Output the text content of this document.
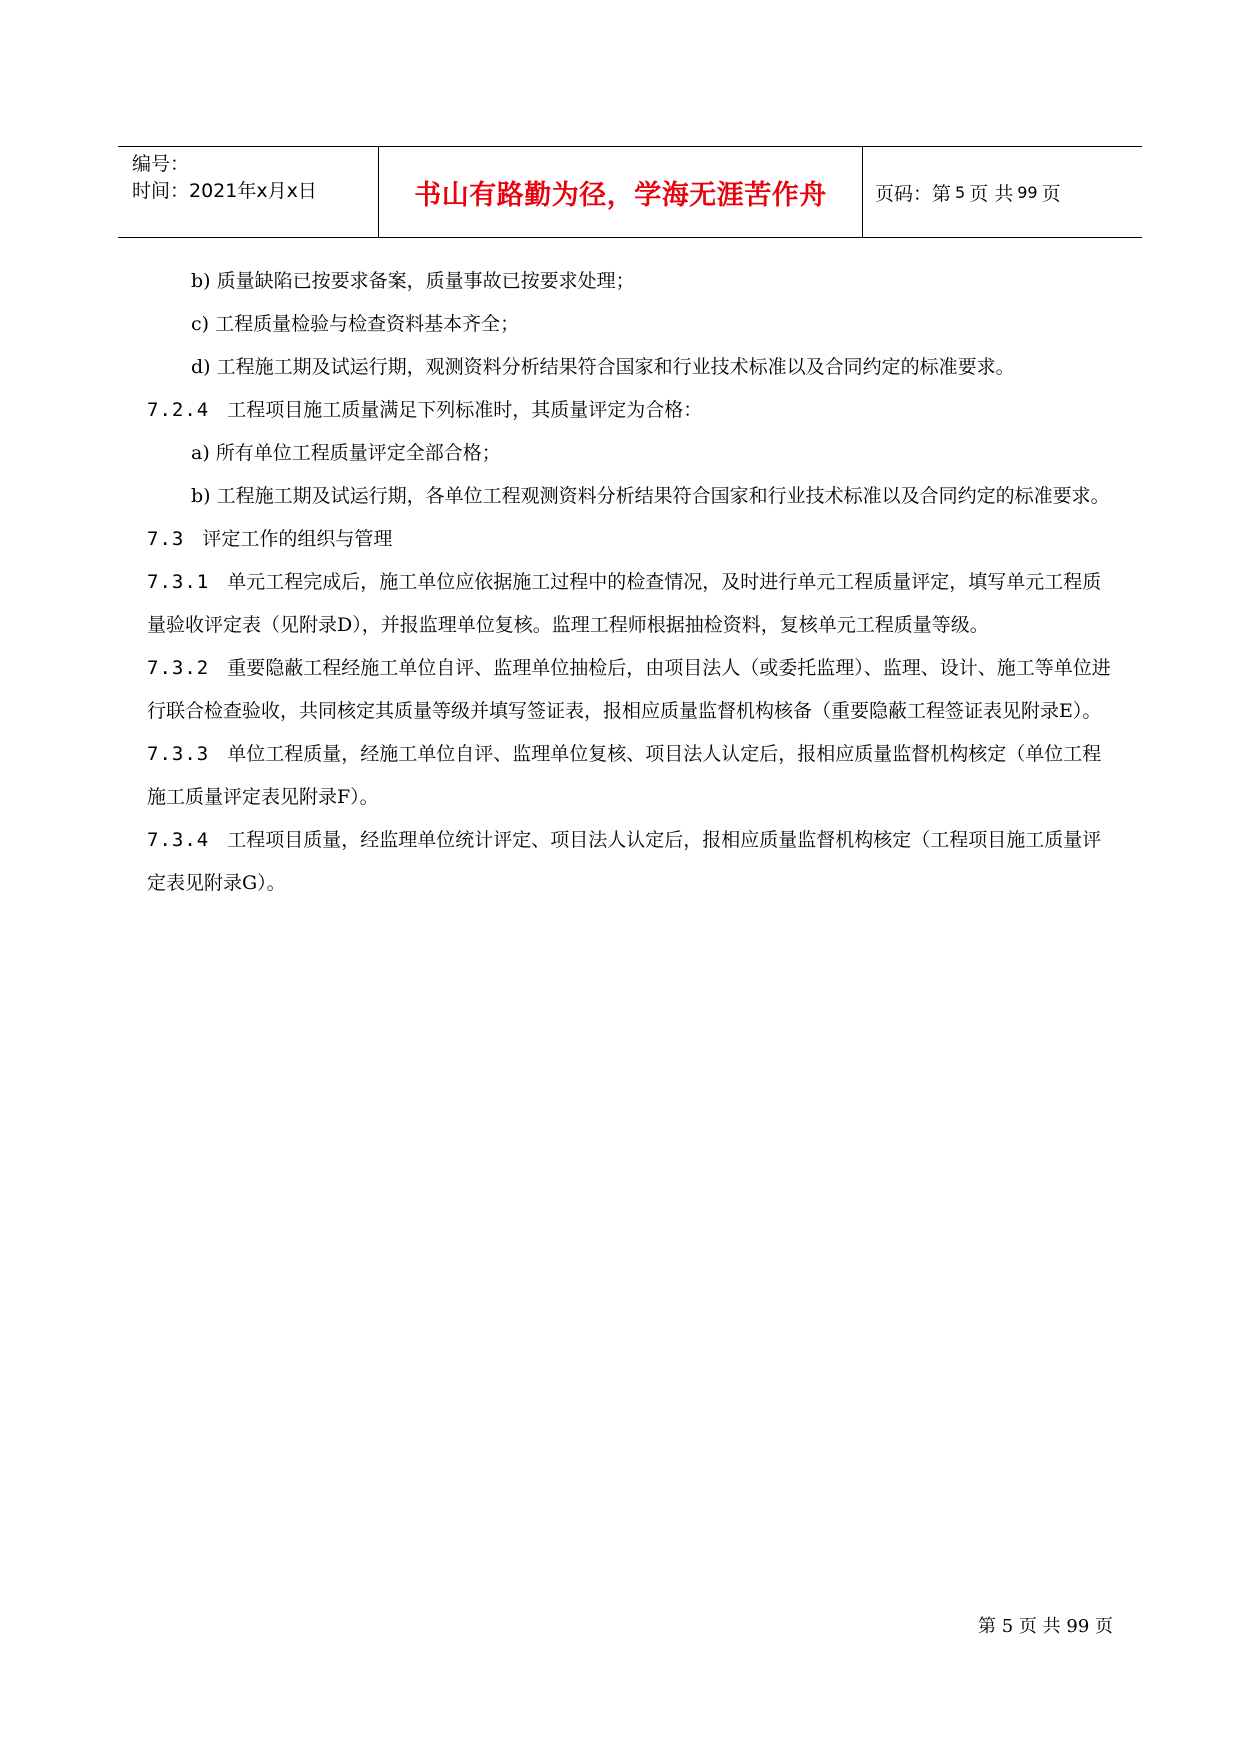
编号：
时间：2021年x月x日	书山有路勤为径，学海无涯苦作舟	页码：第 5 页 共 99 页

b) 质量缺陷已按要求备案，质量事故已按要求处理；

c) 工程质量检验与检查资料基本齐全；

d) 工程施工期及试运行期，观测资料分析结果符合国家和行业技术标准以及合同约定的标准要求。

7.2.4 工程项目施工质量满足下列标准时，其质量评定为合格：

a) 所有单位工程质量评定全部合格；

b) 工程施工期及试运行期，各单位工程观测资料分析结果符合国家和行业技术标准以及合同约定的标准要求。

7.3 评定工作的组织与管理

7.3.1 单元工程完成后，施工单位应依据施工过程中的检查情况，及时进行单元工程质量评定，填写单元工程质量验收评定表（见附录D），并报监理单位复核。监理工程师根据抽检资料，复核单元工程质量等级。

7.3.2 重要隐蔽工程经施工单位自评、监理单位抽检后，由项目法人（或委托监理）、监理、设计、施工等单位进行联合检查验收，共同核定其质量等级并填写签证表，报相应质量监督机构核备（重要隐蔽工程签证表见附录E）。

7.3.3 单位工程质量，经施工单位自评、监理单位复核、项目法人认定后，报相应质量监督机构核定（单位工程施工质量评定表见附录F）。

7.3.4 工程项目质量，经监理单位统计评定、项目法人认定后，报相应质量监督机构核定（工程项目施工质量评定表见附录G）。

第 5 页 共 99 页
